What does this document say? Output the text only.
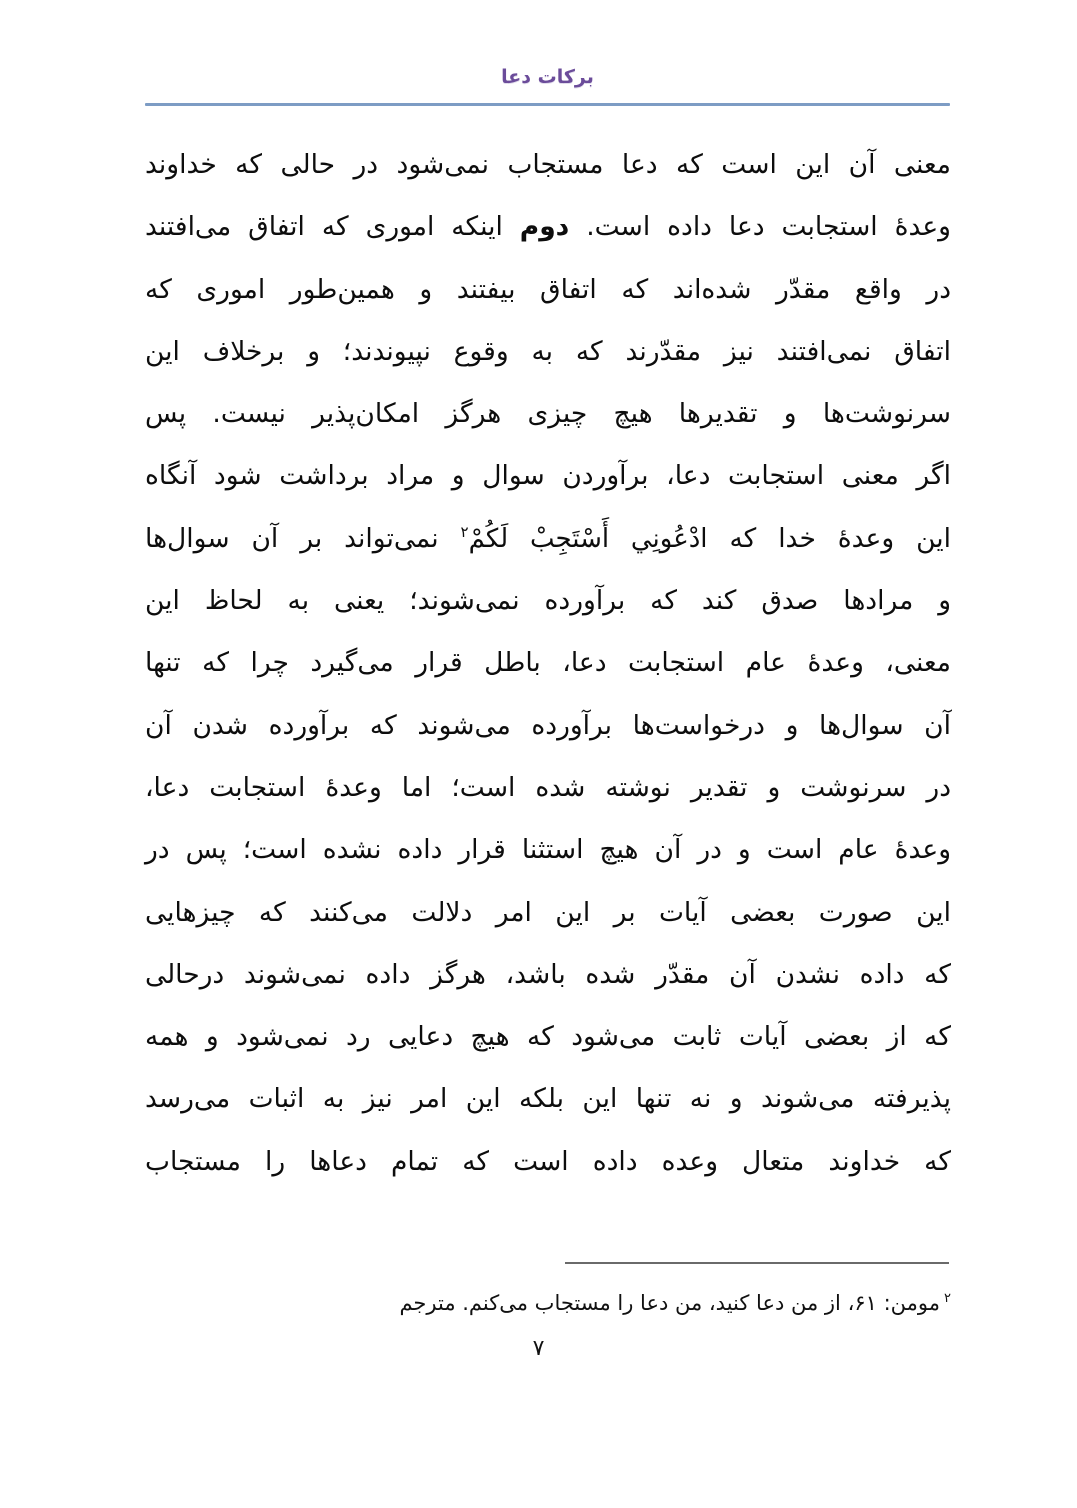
برکات دعا
معنی آن این است که دعا مستجاب نمی‌شود در حالی که خداوند
وعدهٔ استجابت دعا داده است. دوم اینکه اموری که اتفاق می‌افتند
در واقع مقدّر شده‌اند که اتفاق بیفتند و همین‌طور اموری که
اتفاق نمی‌افتند نیز مقدّرند که به وقوع نپیوندند؛ و برخلاف این
سرنوشت‌ها و تقدیرها هیچ چیزی هرگز امکان‌پذیر نیست. پس
اگر معنی استجابت دعا، برآوردن سوال و مراد برداشت شود آنگاه
این وعدهٔ خدا که ادْعُونِي أَسْتَجِبْ لَكُمْ$^٢$ نمی‌تواند بر آن سوال‌ها
و مرادها صدق کند که برآورده نمی‌شوند؛ یعنی به لحاظ این
معنی، وعدهٔ عام استجابت دعا، باطل قرار می‌گیرد چرا که تنها
آن سوال‌ها و درخواست‌ها برآورده می‌شوند که برآورده شدن آن
در سرنوشت و تقدیر نوشته شده است؛ اما وعدهٔ استجابت دعا،
وعدهٔ عام است و در آن هیچ استثنا قرار داده نشده است؛ پس در
این صورت بعضی آیات بر این امر دلالت می‌کنند که چیزهایی
که داده نشدن آن مقدّر شده باشد، هرگز داده نمی‌شوند درحالی
که از بعضی آیات ثابت می‌شود که هیچ دعایی رد نمی‌شود و همه
پذیرفته می‌شوند و نه تنها این بلکه این امر نیز به اثبات می‌رسد
که خداوند متعال وعده داده است که تمام دعاها را مستجاب
$^٢$مومن: ۶۱، از من دعا کنید، من دعا را مستجاب می‌کنم. مترجم
۷
